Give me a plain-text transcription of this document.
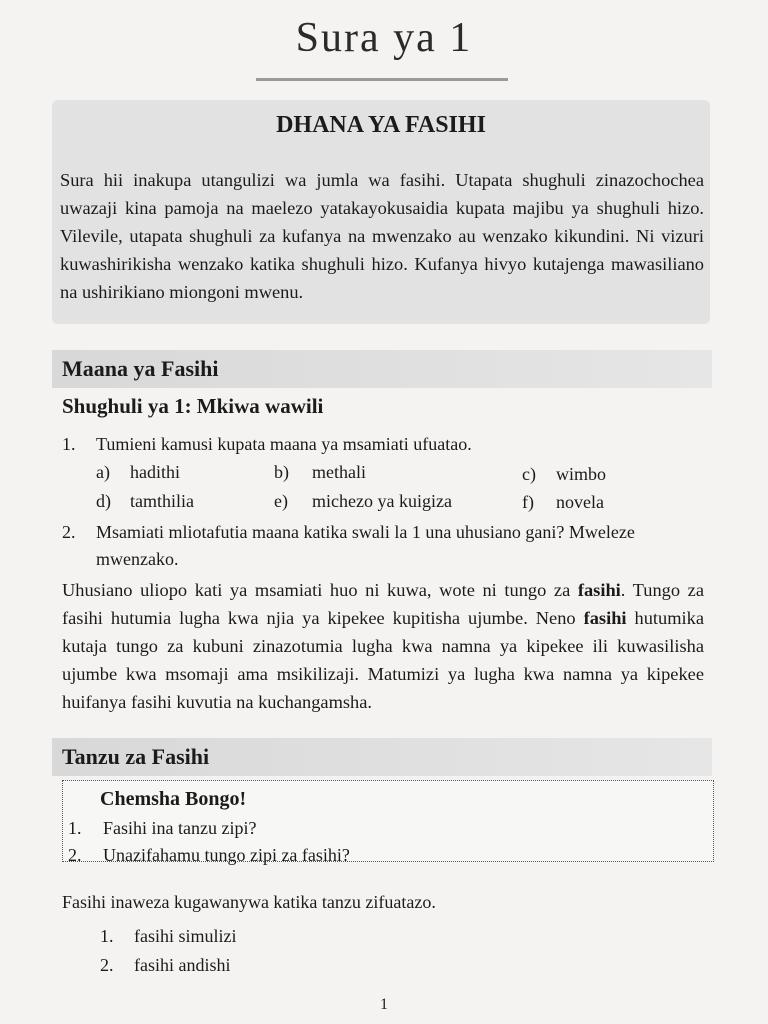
Sura ya 1
DHANA YA FASIHI
Sura hii inakupa utangulizi wa jumla wa fasihi. Utapata shughuli zinazochochea uwazaji kina pamoja na maelezo yatakayokusaidia kupata majibu ya shughuli hizo. Vilevile, utapata shughuli za kufanya na mwenzako au wenzako kikundini. Ni vizuri kuwashirikisha wenzako katika shughuli hizo. Kufanya hivyo kutajenga mawasiliano na ushirikiano miongoni mwenu.
Maana ya Fasihi
Shughuli ya 1: Mkiwa wawili
1. Tumieni kamusi kupata maana ya msamiati ufuatao.
a) hadithi	b) methali	c) wimbo
d) tamthilia	e) michezo ya kuigiza	f) novela
2. Msamiati mliotafutia maana katika swali la 1 una uhusiano gani? Mweleze
mwenzako.
Uhusiano uliopo kati ya msamiati huo ni kuwa, wote ni tungo za fasihi. Tungo za fasihi hutumia lugha kwa njia ya kipekee kupitisha ujumbe. Neno fasihi hutumika kutaja tungo za kubuni zinazotumia lugha kwa namna ya kipekee ili kuwasilisha ujumbe kwa msomaji ama msikilizaji. Matumizi ya lugha kwa namna ya kipekee huifanya fasihi kuvutia na kuchangamsha.
Tanzu za Fasihi
Chemsha Bongo!
1. Fasihi ina tanzu zipi?
2. Unazifahamu tungo zipi za fasihi?
Fasihi inaweza kugawanywa katika tanzu zifuatazo.
1. fasihi simulizi
2. fasihi andishi
1
